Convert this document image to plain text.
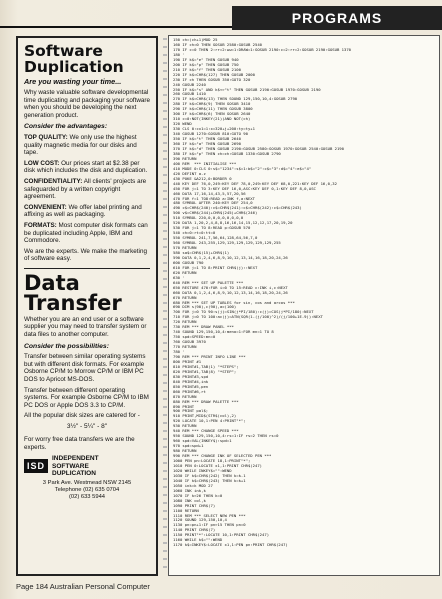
PROGRAMS
Software
Duplication
Are you wasting your time...

Why waste valuable software developmental time duplicating and packaging your software when you should be developing the next generation product.

Consider the advantages:

TOP QUALITY: We only use the highest quality magnetic media for our disks and tape.

LOW COST: Our prices start at $2.38 per disk which includes the disk and duplication.

CONFIDENTIALITY: All clients' projects are safeguarded by a written copyright agreement.

CONVENIENT: We offer label printing and affixing as well as packaging.

FORMATS: Most computer disk formats can be duplicated including Apple, IBM and Commodore.

We are the experts. We make the marketing of software easy.

Data
Transfer

Whether you are an end user or a software supplier you may need to transfer system or data files to another computer.

Consider the possibilities:

Transfer between similar operating systems but with different disk formats. For example Osborne CP/M to Morrow CP/M or IBM PC DOS to Apricot MS-DOS.

Transfer between different operating systems. For example Osborne CP/M to IBM PC DOS or Apple DOS 3.3 to CP/M.

All the popular disk sizes are catered for -

3½" - 5¼" - 8"

For worry free data transfers we are the experts.

ISD
INDEPENDENT
SOFTWARE
DUPLICATION
3 Park Ave. Westmead NSW 2145
Telephone (02) 635 0704
(02) 633 5944
150 ch=(ch+1)MOD 25
160 IF ch=0 THEN GOSUB 2580:GOSUB 2540
170 IF c=0 THEN 2:rr=2:ww=1:DRAW=1:GOSUB 2190:c=2:rr=2:GOSUB 2190:GOSUB 1370
180 '
190 IF k$="e" THEN GOSUB 940
200 IF k$="p" THEN GOSUB 750
210 IF k$="f" THEN GOSUB 2100
220 IF k$=CHR$(127) THEN GOSUB 2000
230 IF ch THEN GOSUB 350:GOTO 320
240 GOSUB 2240
250 IF k$="s" AND k$<>"t" THEN GOSUB 2190:GOSUB 1970:GOSUB 2190
260 GOSUB 1410
270 IF k$=CHR$(13) THEN SOUND 129,150,10,4:GOSUB 2790
280 IF k$=CHR$(9) THEN GOSUB 3410
290 IF k$=CHR$(11) THEN GOSUB 3800
300 IF k$=CHR$(6) THEN GOSUB 2640
310 c=0:NOT(INKEY(21))AND NOT(ch)
320 WEND
330 CLS 0:cx1=1:x=320+j+200:ty=ty+1
340 GOSUB 1270:GOSUB 810:GOTO 90
350 IF k$="t" THEN GOSUB 2640
360 IF k$="a" THEN GOSUB 2690
370 IF k$="d" THEN GOSUB 2190:GOSUB 2580:GOSUB 1970:GOSUB 2540:GOSUB 2190
380 IF k$="p" THEN ch=ch:GOSUB 1330:GOSUB 2790
390 RETURN
400 REM  *** INITIALISE ***
410 MODE 0:CLS 0:s$="1234":s$=1:b$="2":c$="3":d$="4":e$="4"
420 DEFINT a-z
430 POKE &A212,0:BORDER 0
440 KEY DEF 76,0,249:KEY DEF 78,0,249:KEY DEF 68,0,221:KEY DEF 16,0,32
450 FOR j=1 TO 3:KEY DEF 16,0,ASC:KEY DEF 0,1:KEY DEF 8,0,ASC
460 DATA 17,16,14,43,5,57,20,56
470 FOR f=1 TO8:READ a:INK f,a:NEXT
480 SYMBOL AFTER 240:KEY DEF 254,0
490 c$=CHR$(240):c$=CHR$(241):c$=CHR$(242):c$=CHR$(243)
500 v$=CHR$(244)+CHR$(245)+CHR$(246)
510 SYMBOL 220,0,0,0,0,0,0,0,0
520 DATA 1,20,2,4,8,8,16,16,14,15,12,12,17,20,19,20
530 FOR j=1 TO 8:READ p:GOSUB 570
540 ch=0:rt=0:tt=0
550 SYMBOL 241,7,56,64,128,64,56,7,0
560 SYMBOL 243,255,129,129,129,129,129,129,255
570 RETURN
580 sa$=CHR$(15)+CHR$(1)
590 DATA 0,1,2,4,6,8,9,10,12,13,14,16,18,20,24,26
600 GOSUB 790
610 FOR j=1 TO 8:PRINT CHR$(j)::NEXT
620 RETURN
630 '
640 REM *** SET UP PALETTE ***
650 RESTORE 470:FOR i=0 TO 15:READ c:INK i,c:NEXT
660 DATA 0,1,2,4,6,8,9,10,12,13,14,16,18,20,24,26
670 RETURN
680 REM *** SET UP TABLES for sin, cos and arcos ***
690 DIM s(90),c(90),ac(100)
700 FOR j=0 TO 90:s(j)=SIN(j*PI/180):c(j)=COS(j*PI/180):NEXT
710 FOR j=0 TO 100:ac(j)=ATN(SQR(1-(j/100)^2)/(j/100+1E-9)):NEXT
720 RETURN
730 REM *** DRAW PANEL ***
740 SOUND 129,150,10,4:meno=1:FOR mn=1 TO 8
750 spd=SPEED:mn=0
760 GOSUB 3970
770 RETURN
780 '
790 REM *** PRINT INFO LINE ***
800 PRINT #1
810 PRINT#1,TAB(1) "*STEPS";
820 PRINT#1,TAB(8) "*STEP";
830 PRINT#3,spd
840 PRINT#4,ink
850 PRINT#5,pen
860 PRINT#6,rt
870 RETURN
880 REM *** DRAW PALETTE ***
890 PRINT
900 PRINT pal$;
910 PRINT,MID$(STR$(col),2)
920 LOCATE 10,1:PEN 4:PRINT"*";
930 RETURN
940 REM *** CHANGE SPEED ***
950 SOUND 129,150,10,4:rs=1:IF rs=2 THEN rs=0
960 spd=VAL(INKEY$):spd=1
970 spd=spd+1
980 RETURN
990 REM *** CHANGE INK OF SELECTED PEN ***
1000 PEN pn:LOCATE 18,1:PRINT"*";
1010 PEN 0:LOCATE x1,1:PRINT CHR$(247)
1020 WHILE INKEY$="":WEND
1030 IF k$=CHR$(242) THEN k=k-1
1040 IF k$=CHR$(243) THEN k=k+1
1050 ink=k MOD 27
1060 INK ink,k
1070 IF k>26 THEN k=0
1080 INK col,k
1090 PRINT CHR$(7)
1100 RETURN
1110 REM *** SELECT NEW PEN ***
1120 SOUND 129,150,10,4
1130 pn=pn+1:IF pn>15 THEN pn=0
1140 PRINT CHR$(7)
1150 PRINT"*":LOCATE 10,1:PRINT CHR$(247)
1160 WHILE k$="":WEND
1170 k$=INKEY$:LOCATE x1,1:PEN pn:PRINT CHR$(247)

Page 184 Australian Personal Computer
